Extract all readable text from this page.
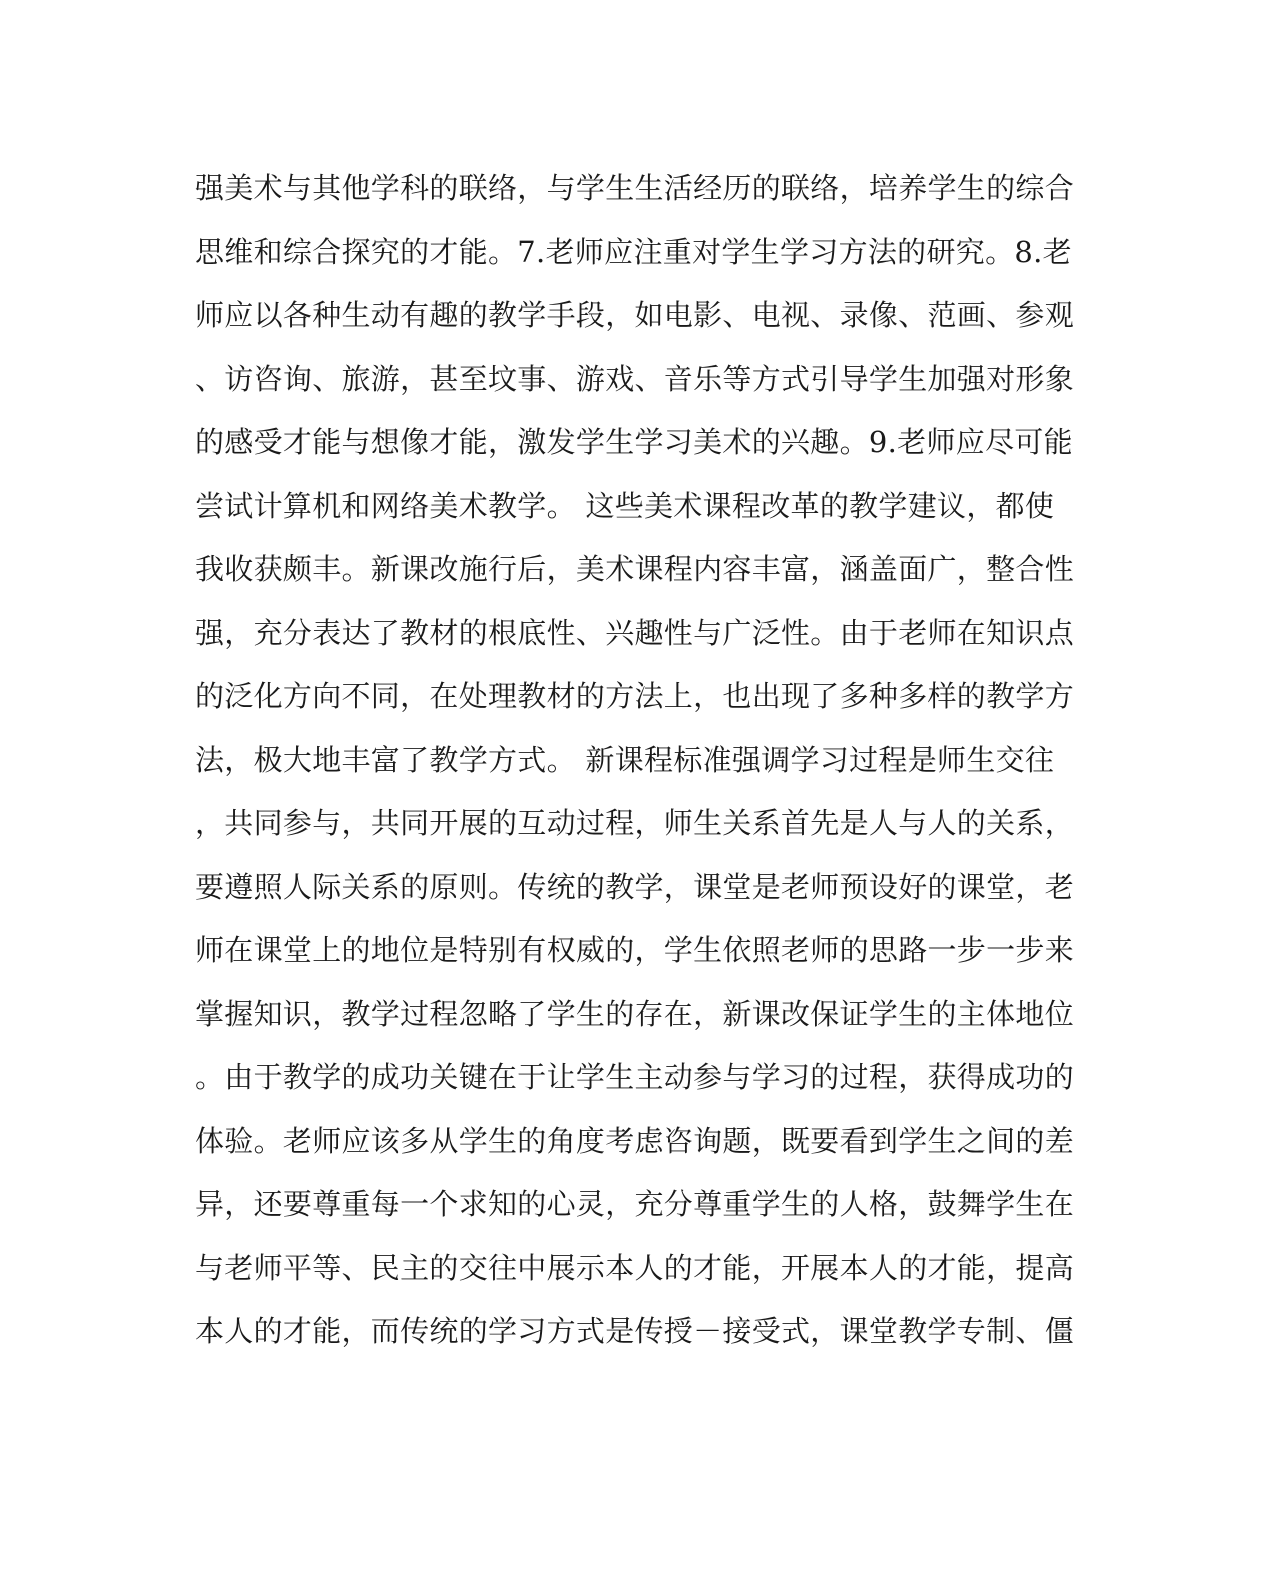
强美术与其他学科的联络，与学生生活经历的联络，培养学生的综合
思维和综合探究的才能。7.老师应注重对学生学习方法的研究。8.老
师应以各种生动有趣的教学手段，如电影、电视、录像、范画、参观
、访咨询、旅游，甚至坟事、游戏、音乐等方式引导学生加强对形象
的感受才能与想像才能，激发学生学习美术的兴趣。9.老师应尽可能
尝试计算机和网络美术教学。 这些美术课程改革的教学建议，都使
我收获颇丰。新课改施行后，美术课程内容丰富，涵盖面广，整合性
强，充分表达了教材的根底性、兴趣性与广泛性。由于老师在知识点
的泛化方向不同，在处理教材的方法上，也出现了多种多样的教学方
法，极大地丰富了教学方式。 新课程标准强调学习过程是师生交往
，共同参与，共同开展的互动过程，师生关系首先是人与人的关系，
要遵照人际关系的原则。传统的教学，课堂是老师预设好的课堂，老
师在课堂上的地位是特别有权威的，学生依照老师的思路一步一步来
掌握知识，教学过程忽略了学生的存在，新课改保证学生的主体地位
。由于教学的成功关键在于让学生主动参与学习的过程，获得成功的
体验。老师应该多从学生的角度考虑咨询题，既要看到学生之间的差
异，还要尊重每一个求知的心灵，充分尊重学生的人格，鼓舞学生在
与老师平等、民主的交往中展示本人的才能，开展本人的才能，提高
本人的才能，而传统的学习方式是传授－接受式，课堂教学专制、僵
